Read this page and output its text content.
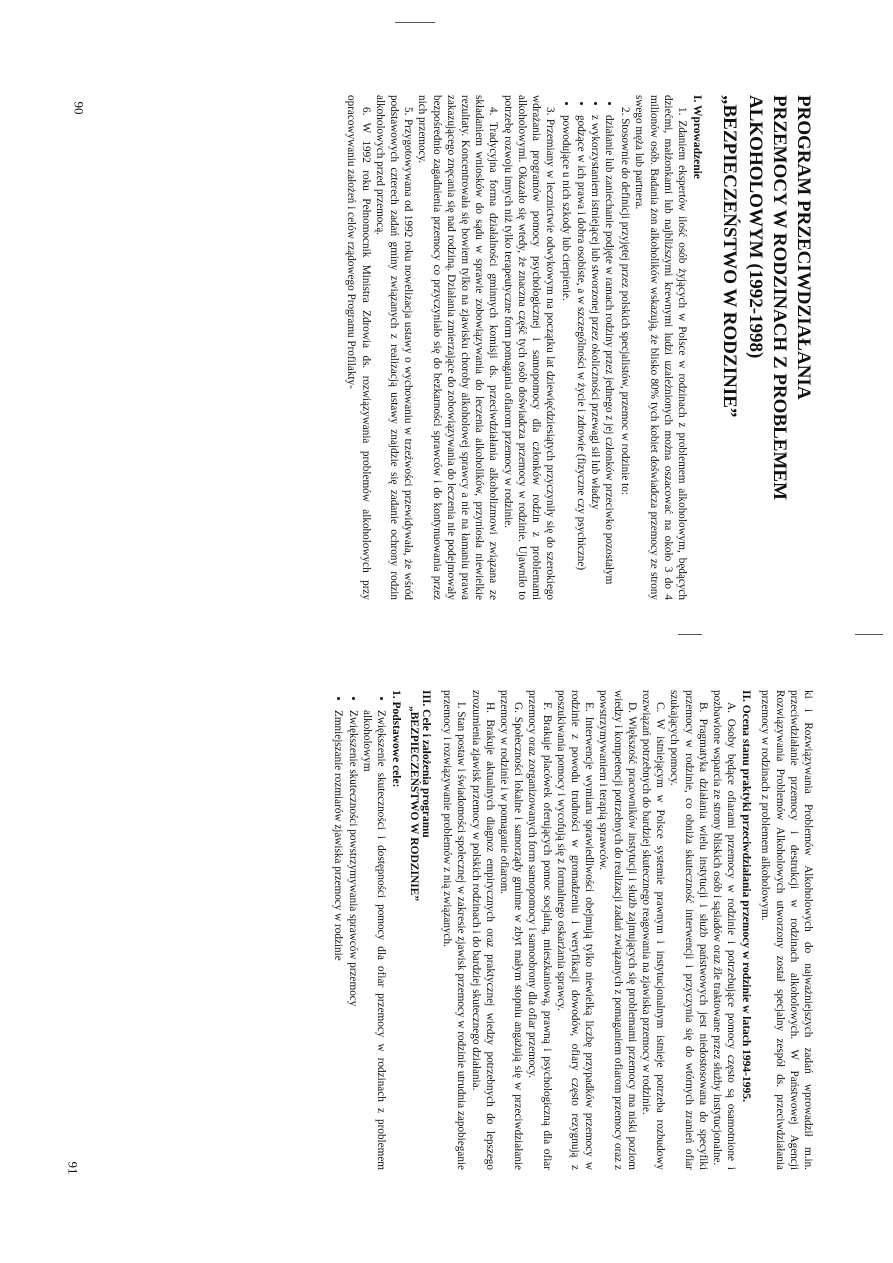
PROGRAM PRZECIWDZIAŁANIA
PRZEMOCY W RODZINACH Z PROBLEMEM
ALKOHOLOWYM (1992-1998)
„BEZPIECZEŃSTWO W RODZINIE”
I. Wprowadzenie

1. Zdaniem ekspertów ilość osób żyjących w Polsce w rodzinach z problemem alkoholowym, będących dziećmi, małżonkami lub najbliższymi krewnymi ludzi uzależnionych można oszacować na około 3 do 4 milionów osób. Badania żon alkoholików wskazują, że blisko 80% tych kobiet doświadcza przemocy ze strony swego męża lub partnera.

2. Stosownie do definicji przyjętej przez polskich specjalistów, przemoc w rodzinie to:

• działanie lub zaniechanie podjęte w ramach rodziny przez jednego z jej członków przeciwko pozostałym
• z wykorzystaniem istniejącej lub stworzonej przez okoliczności przewagi sił lub władzy
• godzące w ich prawa i dobra osobiste, a w szczególności w życie i zdrowie (fizyczne czy psychiczne)
• powodujące u nich szkody lub cierpienie.

3. Przemiany w lecznictwie odwykowym na początku lat dziewięćdziesiątych przyczyniły się do szerokiego wdrażania programów pomocy psychologicznej i samopomocy dla członków rodzin z problemami alkoholowymi. Okazało się wtedy, że znaczna część tych osób doświadcza przemocy w rodzinie. Ujawniło to potrzebę rozwoju innych niż tylko terapeutyczne form pomagania ofiarom przemocy w rodzinie.

4. Tradycyjna forma działalności gminnych komisji ds. przeciwdziałania alkoholizmowi związana ze składaniem wniosków do sądu w sprawie zobowiązywania do leczenia alkoholików, przyniosła niewielkie rezultaty. Koncentrowała się bowiem tylko na zjawisku choroby alkoholowej sprawcy a nie na łamaniu prawa zakazującego znęcania się nad rodziną. Działania zmierzające do zobowiązywania do leczenia nie podejmowały bezpośrednio zagadnienia przemocy co przyczyniało się do bezkarności sprawców i do kontynuowania przez nich przemocy.

5. Przygotowywana od 1992 roku nowelizacja ustawy o wychowaniu w trzeźwości przewidywała, że wśród podstawowych czterech zadań gminy związanych z realizacją ustawy znajdzie się zadanie ochrony rodzin alkoholowych przed przemocą.

6. W 1992 roku Pełnomocnik Ministra Zdrowia ds. rozwiązywania problemów alkoholowych przy opracowywaniu założeń i celów rządowego Programu Profilakty-

ki i Rozwiązywania Problemów Alkoholowych do najważniejszych zadań wprowadził m.in. przeciwdziałanie przemocy i destrukcji w rodzinach alkoholowych. W Państwowej Agencji Rozwiązywania Problemów Alkoholowych utworzony został specjalny zespół ds. przeciwdziałania przemocy w rodzinach z problemem alkoholowym.

II. Ocena stanu praktyki przeciwdziałania przemocy w rodzinie w latach 1994-1995.

A. Osoby będące ofiarami przemocy w rodzinie i potrzebujące pomocy często są osamotnione i pozbawione wsparcia ze strony bliskich osób i sąsiadów oraz źle traktowane przez służby instytucjonalne.

B. Pragmatyka działania wielu instytucji i służb państwowych jest niedostosowana do specyfiki przemocy w rodzinie, co obniża skuteczność interwencji i przyczynia się do wtórnych zranień ofiar szukających pomocy.

C. W istniejącym w Polsce systemie prawnym i instytucjonalnym istnieje potrzeba rozbudowy rozwiązań potrzebnych do bardziej skutecznego reagowania na zjawiska przemocy w rodzinie.

D. Większość pracowników instytucji i służb zajmujących się problemami przemocy ma niski poziom wiedzy i kompetencji potrzebnych do realizacji zadań związanych z pomaganiem ofiarom przemocy oraz z powstrzymywaniem i terapią sprawców.

E. Interwencje wymiaru sprawiedliwości obejmują tylko niewielką liczbę przypadków przemocy w rodzinie z powodu trudności w gromadzeniu i weryfikacji dowodów, ofiary często rezygnują z poszukiwania pomocy i wycofują się z formalnego oskarżania sprawcy.

F. Brakuje placówek oferujących pomoc socjalną, mieszkaniową, prawną i psychologiczną dla ofiar przemocy oraz zorganizowanych form samopomocy i samoobrony dla ofiar przemocy.

G. Społeczności lokalne i samorządy gminne w zbyt małym stopniu angażują się w przeciwdziałanie przemocy w rodzinie i w pomaganie ofiarom.

H. Brakuje aktualnych diagnoz empirycznych oraz praktycznej wiedzy potrzebnych do lepszego zrozumienia zjawisk przemocy w polskich rodzinach i do bardziej skutecznego działania.

I. Stan postaw i świadomości społecznej w zakresie zjawisk przemocy w rodzinie utrudnia zapobieganie przemocy i rozwiązywanie problemów z nią związanych.

III. Cele i założenia programu
„BEZPIECZEŃSTWO W RODZINIE”
1. Podstawowe cele:
• Zwiększenie skuteczności i dostępności pomocy dla ofiar przemocy w rodzinach z problemem alkoholowym
• Zwiększenie skuteczności powstrzymywania sprawców przemocy
• Zmniejszanie rozmiarów zjawiska przemocy w rodzinie
90
91
